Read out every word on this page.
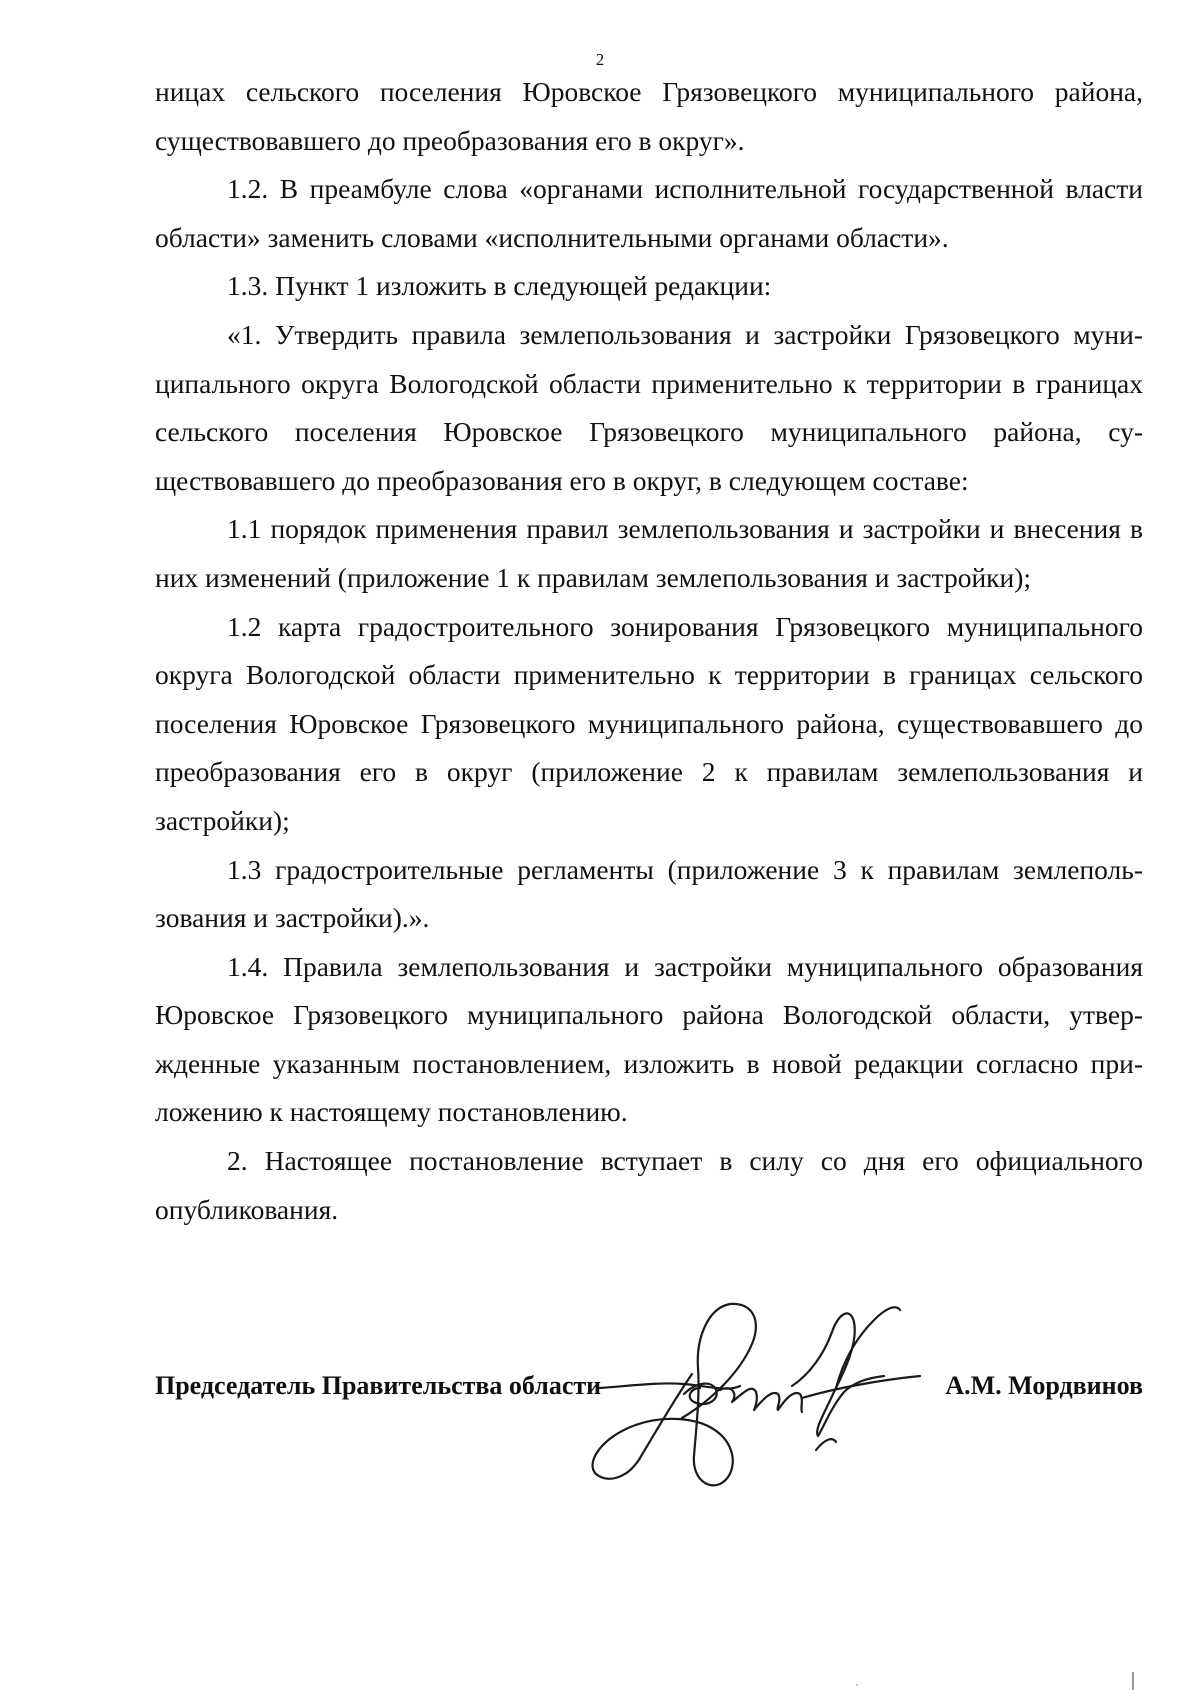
2

ницах сельского поселения Юровское Грязовецкого муниципального района, существовавшего до преобразования его в округ».

1.2. В преамбуле слова «органами исполнительной государственной власти области» заменить словами «исполнительными органами области».

1.3. Пункт 1 изложить в следующей редакции:

«1. Утвердить правила землепользования и застройки Грязовецкого муниципального округа Вологодской области применительно к территории в границах сельского поселения Юровское Грязовецкого муниципального района, существовавшего до преобразования его в округ, в следующем составе:

1.1 порядок применения правил землепользования и застройки и внесения в них изменений (приложение 1 к правилам землепользования и застройки);

1.2 карта градостроительного зонирования Грязовецкого муниципального округа Вологодской области применительно к территории в границах сельского поселения Юровское Грязовецкого муниципального района, существовавшего до преобразования его в округ (приложение 2 к правилам землепользования и застройки);

1.3 градостроительные регламенты (приложение 3 к правилам землепользования и застройки).».

1.4. Правила землепользования и застройки муниципального образования Юровское Грязовецкого муниципального района Вологодской области, утвержденные указанным постановлением, изложить в новой редакции согласно приложению к настоящему постановлению.

2. Настоящее постановление вступает в силу со дня его официального опубликования.

Председатель Правительства области	А.М. Мордвинов
